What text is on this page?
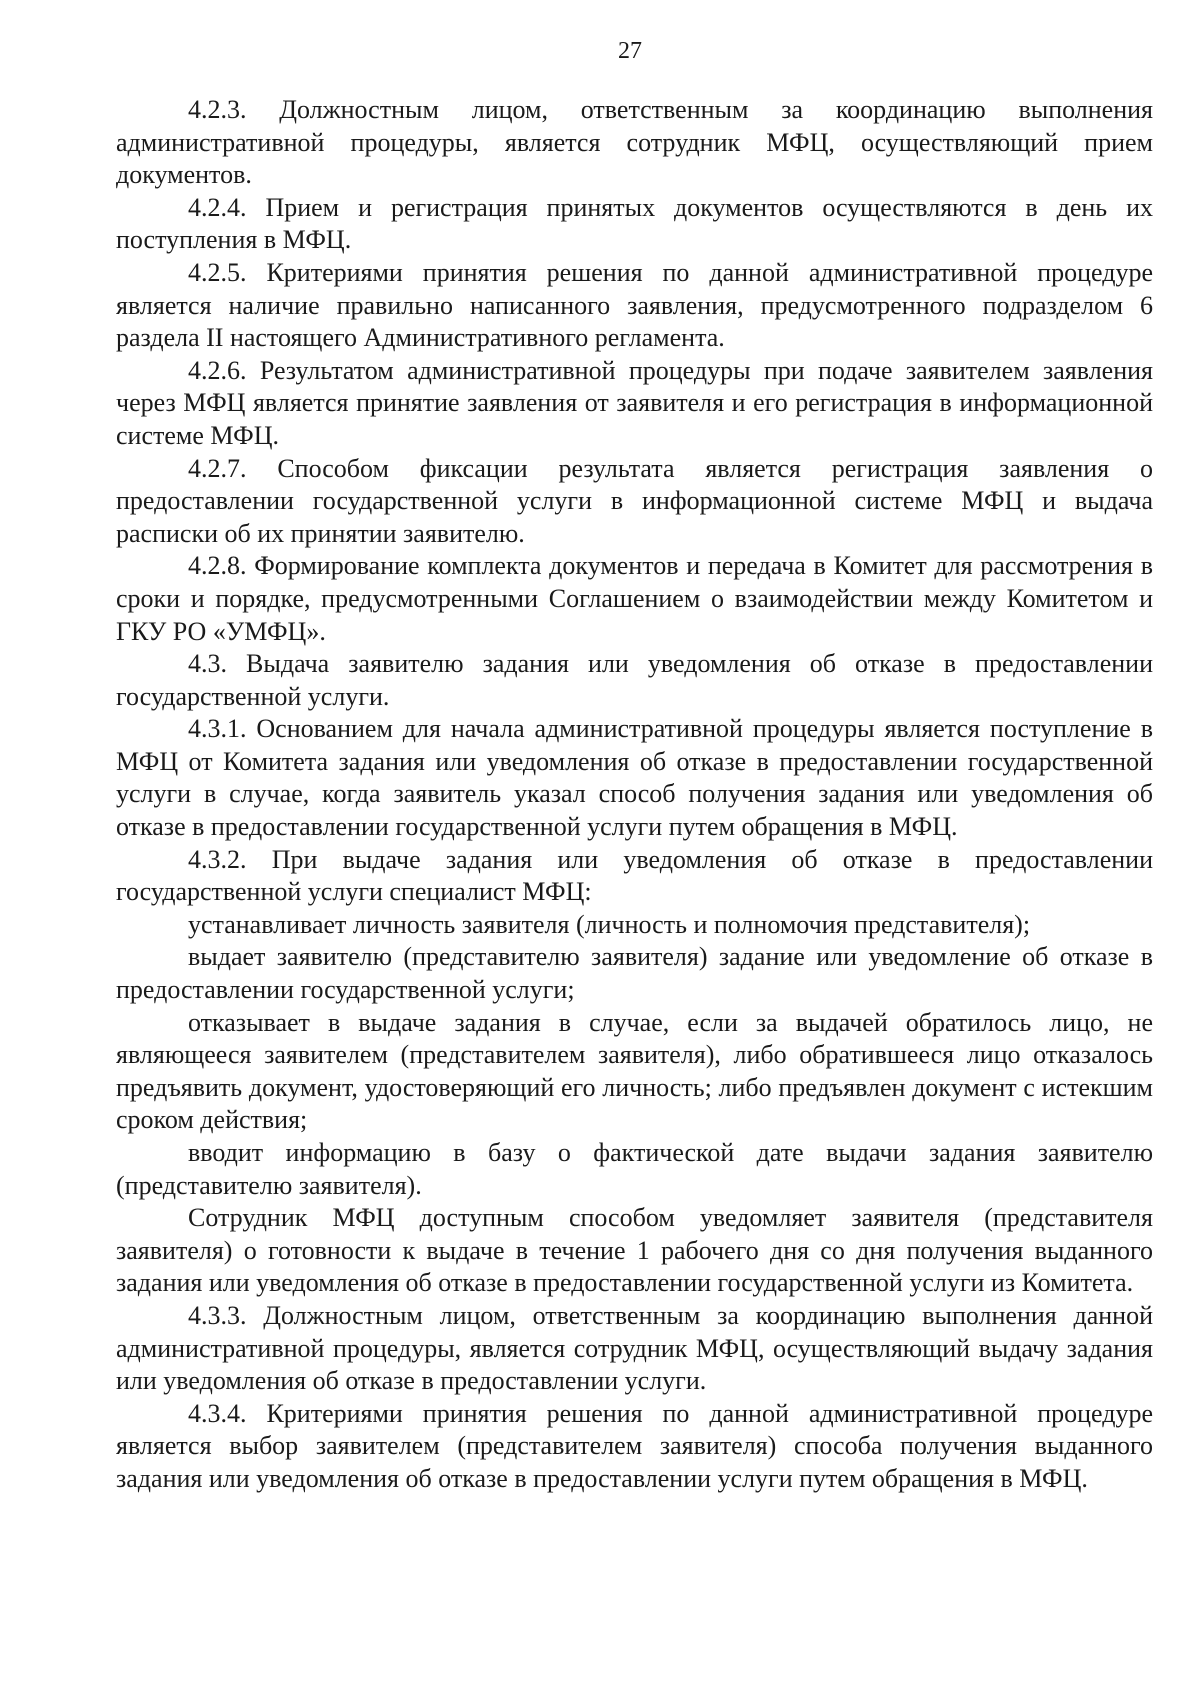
27

4.2.3. Должностным лицом, ответственным за координацию выполнения административной процедуры, является сотрудник МФЦ, осуществляющий прием документов.

4.2.4. Прием и регистрация принятых документов осуществляются в день их поступления в МФЦ.

4.2.5. Критериями принятия решения по данной административной процедуре является наличие правильно написанного заявления, предусмотренного подразделом 6 раздела II настоящего Административного регламента.

4.2.6. Результатом административной процедуры при подаче заявителем заявления через МФЦ является принятие заявления от заявителя и его регистрация в информационной системе МФЦ.

4.2.7. Способом фиксации результата является регистрация заявления о предоставлении государственной услуги в информационной системе МФЦ и выдача расписки об их принятии заявителю.

4.2.8. Формирование комплекта документов и передача в Комитет для рассмотрения в сроки и порядке, предусмотренными Соглашением о взаимодействии между Комитетом и ГКУ РО «УМФЦ».

4.3. Выдача заявителю задания или уведомления об отказе в предоставлении государственной услуги.

4.3.1. Основанием для начала административной процедуры является поступление в МФЦ от Комитета задания или уведомления об отказе в предоставлении государственной услуги в случае, когда заявитель указал способ получения задания или уведомления об отказе в предоставлении государственной услуги путем обращения в МФЦ.

4.3.2. При выдаче задания или уведомления об отказе в предоставлении государственной услуги специалист МФЦ:

устанавливает личность заявителя (личность и полномочия представителя);

выдает заявителю (представителю заявителя) задание или уведомление об отказе в предоставлении государственной услуги;

отказывает в выдаче задания в случае, если за выдачей обратилось лицо, не являющееся заявителем (представителем заявителя), либо обратившееся лицо отказалось предъявить документ, удостоверяющий его личность; либо предъявлен документ с истекшим сроком действия;

вводит информацию в базу о фактической дате выдачи задания заявителю (представителю заявителя).

Сотрудник МФЦ доступным способом уведомляет заявителя (представителя заявителя) о готовности к выдаче в течение 1 рабочего дня со дня получения выданного задания или уведомления об отказе в предоставлении государственной услуги из Комитета.

4.3.3. Должностным лицом, ответственным за координацию выполнения данной административной процедуры, является сотрудник МФЦ, осуществляющий выдачу задания или уведомления об отказе в предоставлении услуги.

4.3.4. Критериями принятия решения по данной административной процедуре является выбор заявителем (представителем заявителя) способа получения выданного задания или уведомления об отказе в предоставлении услуги путем обращения в МФЦ.
